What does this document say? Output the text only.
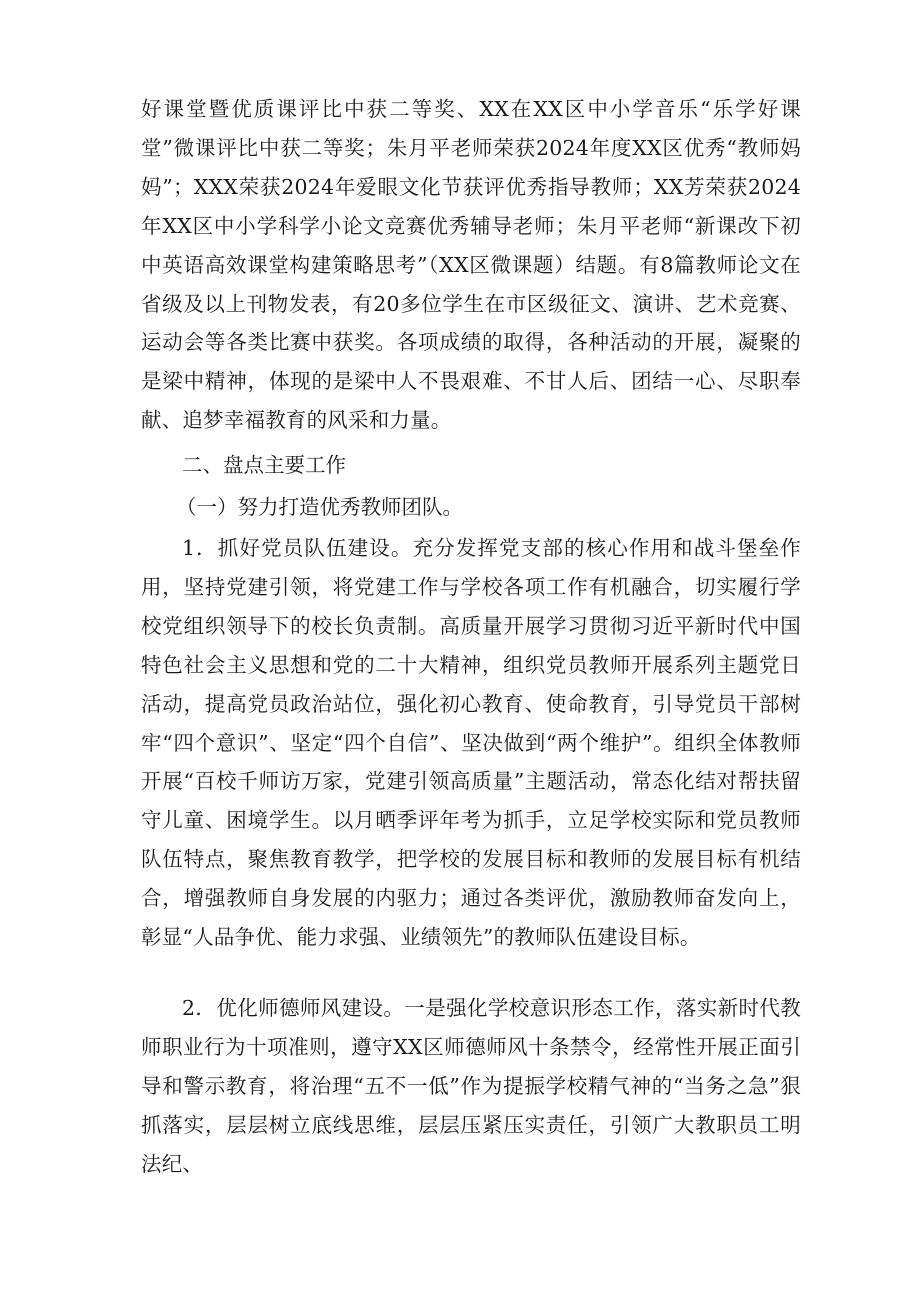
好课堂暨优质课评比中获二等奖、XX在XX区中小学音乐“乐学好课堂”微课评比中获二等奖；朱月平老师荣获2024年度XX区优秀“教师妈妈”；XXX荣获2024年爱眼文化节获评优秀指导教师；XX芳荣获2024年XX区中小学科学小论文竞赛优秀辅导老师；朱月平老师“新课改下初中英语高效课堂构建策略思考”（XX区微课题）结题。有8篇教师论文在省级及以上刊物发表，有20多位学生在市区级征文、演讲、艺术竞赛、运动会等各类比赛中获奖。各项成绩的取得，各种活动的开展，凝聚的是梁中精神，体现的是梁中人不畏艰难、不甘人后、团结一心、尽职奉献、追梦幸福教育的风采和力量。

二、盘点主要工作

（一）努力打造优秀教师团队。

1．抓好党员队伍建设。充分发挥党支部的核心作用和战斗堡垒作用，坚持党建引领，将党建工作与学校各项工作有机融合，切实履行学校党组织领导下的校长负责制。高质量开展学习贯彻习近平新时代中国特色社会主义思想和党的二十大精神，组织党员教师开展系列主题党日活动，提高党员政治站位，强化初心教育、使命教育，引导党员干部树牢“四个意识”、坚定“四个自信”、坚决做到“两个维护”。组织全体教师开展“百校千师访万家，党建引领高质量”主题活动，常态化结对帮扶留守儿童、困境学生。以月晒季评年考为抓手，立足学校实际和党员教师队伍特点，聚焦教育教学，把学校的发展目标和教师的发展目标有机结合，增强教师自身发展的内驱力；通过各类评优，激励教师奋发向上，彰显“人品争优、能力求强、业绩领先”的教师队伍建设目标。

2．优化师德师风建设。一是强化学校意识形态工作，落实新时代教师职业行为十项准则，遵守XX区师德师风十条禁令，经常性开展正面引导和警示教育，将治理“五不一低”作为提振学校精气神的“当务之急”狠抓落实，层层树立底线思维，层层压紧压实责任，引领广大教职员工明法纪、
